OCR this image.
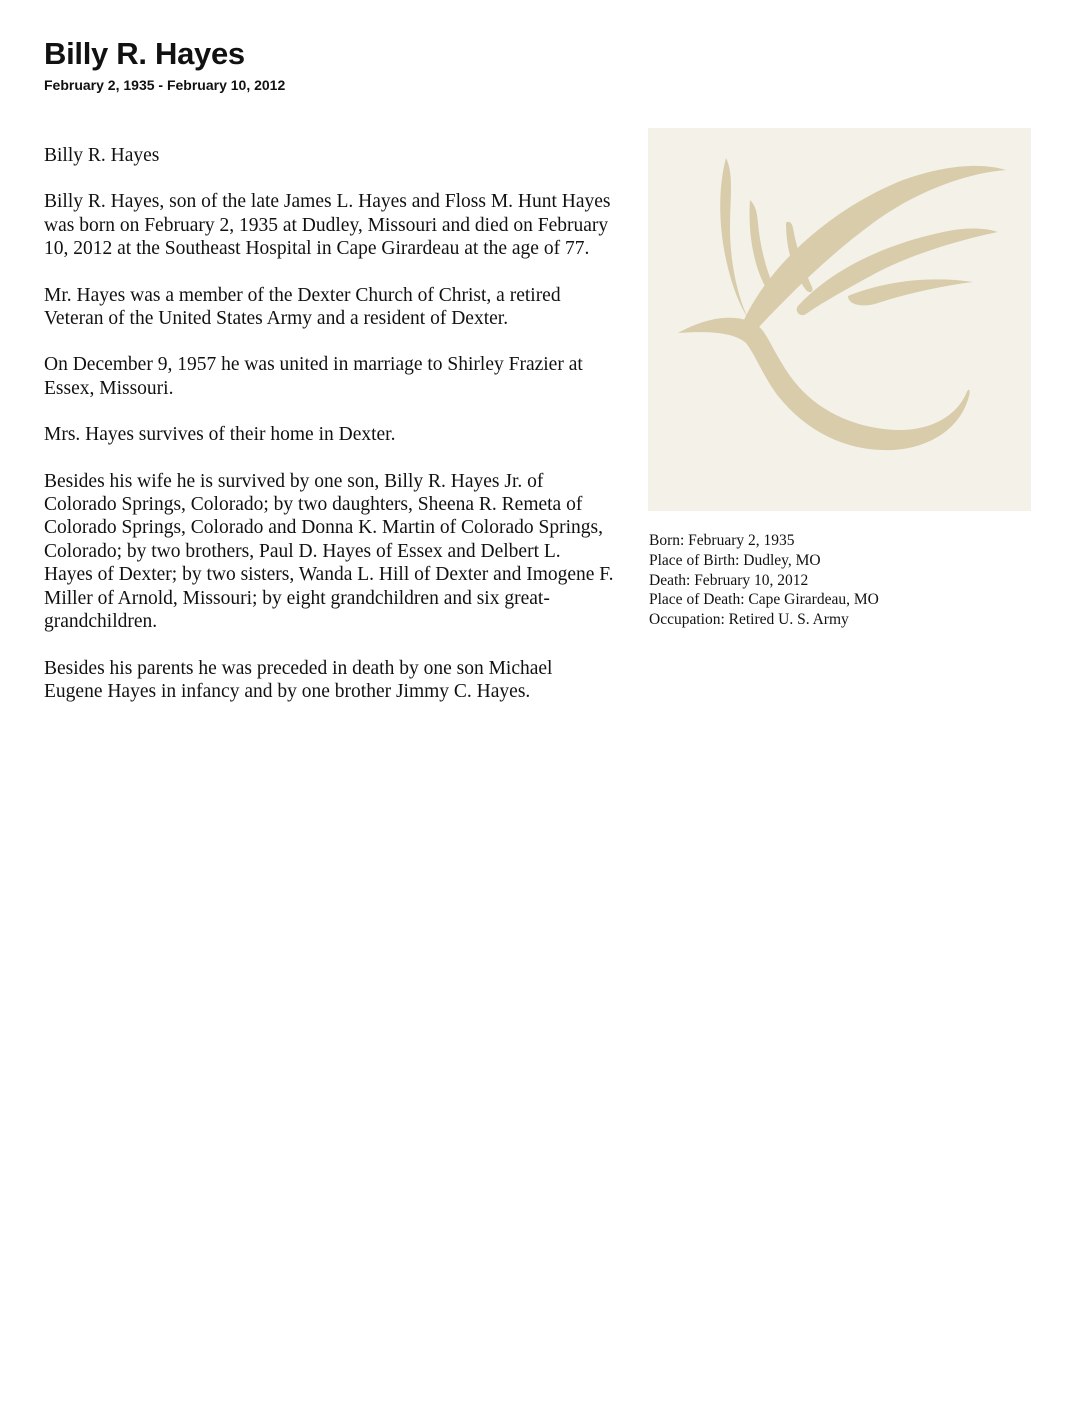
Billy R. Hayes
February 2, 1935 - February 10, 2012

Billy R. Hayes

Billy R. Hayes, son of the late James L. Hayes and Floss M. Hunt Hayes was born on February 2, 1935 at Dudley, Missouri and died on February 10, 2012 at the Southeast Hospital in Cape Girardeau at the age of 77.

Mr. Hayes was a member of the Dexter Church of Christ, a retired Veteran of the United States Army and a resident of Dexter.

On December 9, 1957 he was united in marriage to Shirley Frazier at Essex, Missouri.

Mrs. Hayes survives of their home in Dexter.

Besides his wife he is survived by one son, Billy R. Hayes Jr. of Colorado Springs, Colorado; by two daughters, Sheena R. Remeta of Colorado Springs, Colorado and Donna K. Martin of Colorado Springs, Colorado; by two brothers, Paul D. Hayes of Essex and Delbert L. Hayes of Dexter; by two sisters, Wanda L. Hill of Dexter and Imogene F. Miller of Arnold, Missouri; by eight grandchildren and six great-grandchildren.

Besides his parents he was preceded in death by one son Michael Eugene Hayes in infancy and by one brother Jimmy C. Hayes.

Born: February 2, 1935
Place of Birth: Dudley, MO
Death: February 10, 2012
Place of Death: Cape Girardeau, MO
Occupation: Retired U. S. Army
